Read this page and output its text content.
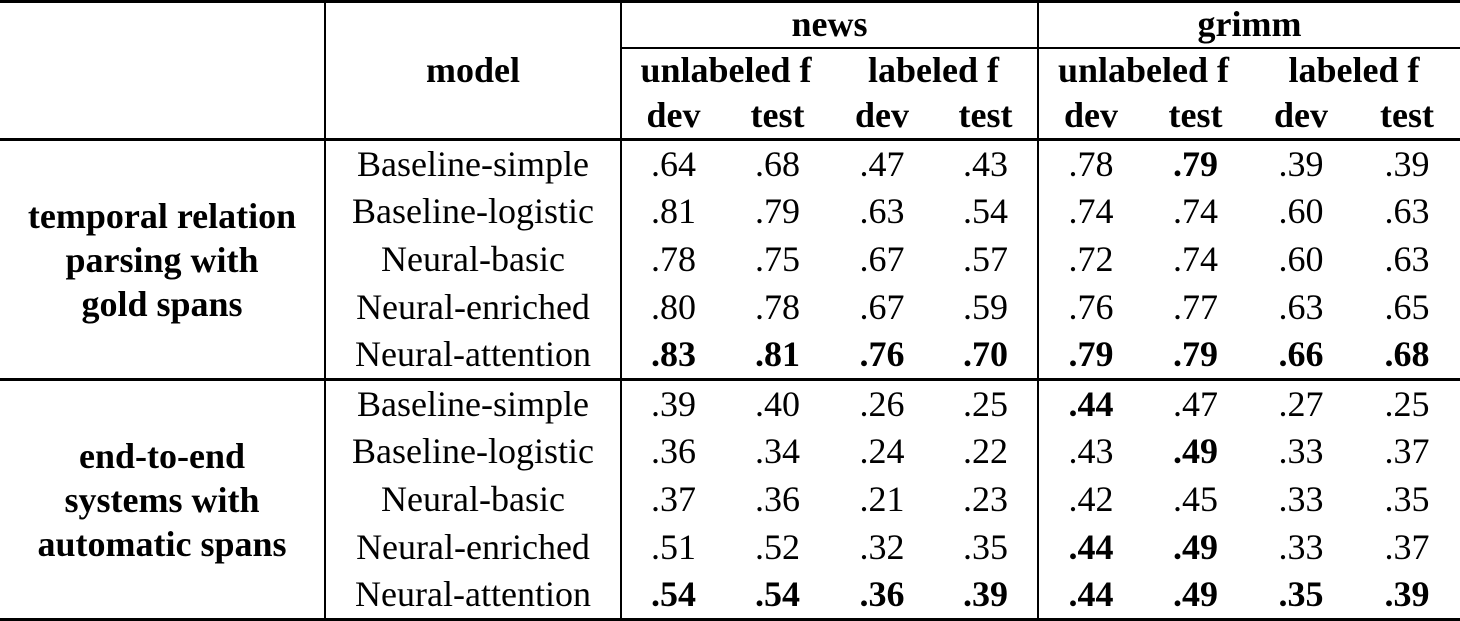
	model	news				grimm			
		unlabeled f		labeled f		unlabeled f		labeled f	
		dev	test	dev	test	dev	test	dev	test

temporal relation
parsing with
gold spans	Baseline-simple	.64	.68	.47	.43	.78	.79	.39	.39
	Baseline-logistic	.81	.79	.63	.54	.74	.74	.60	.63
	Neural-basic	.78	.75	.67	.57	.72	.74	.60	.63
	Neural-enriched	.80	.78	.67	.59	.76	.77	.63	.65
	Neural-attention	.83	.81	.76	.70	.79	.79	.66	.68

end-to-end
systems with
automatic spans	Baseline-simple	.39	.40	.26	.25	.44	.47	.27	.25
	Baseline-logistic	.36	.34	.24	.22	.43	.49	.33	.37
	Neural-basic	.37	.36	.21	.23	.42	.45	.33	.35
	Neural-enriched	.51	.52	.32	.35	.44	.49	.33	.37
	Neural-attention	.54	.54	.36	.39	.44	.49	.35	.39
